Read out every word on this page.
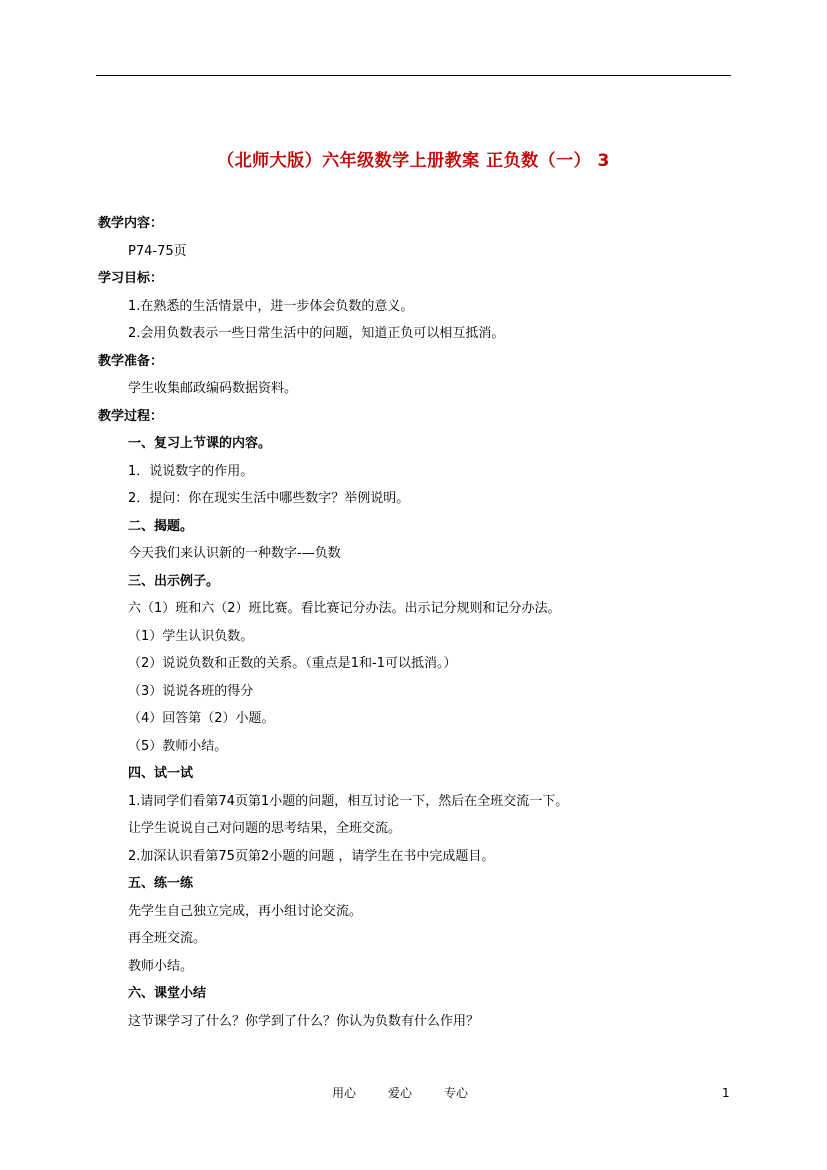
（北师大版）六年级数学上册教案 正负数（一） 3
教学内容：
P74-75页
学习目标：
1.在熟悉的生活情景中，进一步体会负数的意义。
2.会用负数表示一些日常生活中的问题，知道正负可以相互抵消。
教学准备：
学生收集邮政编码数据资料。
教学过程：
一、复习上节课的内容。
1．说说数字的作用。
2．提问：你在现实生活中哪些数字？举例说明。
二、揭题。
今天我们来认识新的一种数字-—负数
三、出示例子。
六（1）班和六（2）班比赛。看比赛记分办法。出示记分规则和记分办法。
（1）学生认识负数。
（2）说说负数和正数的关系。（重点是1和-1可以抵消。）
（3）说说各班的得分
（4）回答第（2）小题。
（5）教师小结。
四、试一试
1.请同学们看第74页第1小题的问题，相互讨论一下，然后在全班交流一下。
让学生说说自己对问题的思考结果，全班交流。
2.加深认识看第75页第2小题的问题 ，请学生在书中完成题目。
五、练一练
先学生自己独立完成，再小组讨论交流。
再全班交流。
教师小结。
六、课堂小结
这节课学习了什么？你学到了什么？你认为负数有什么作用？
用心	爱心	专心	1
